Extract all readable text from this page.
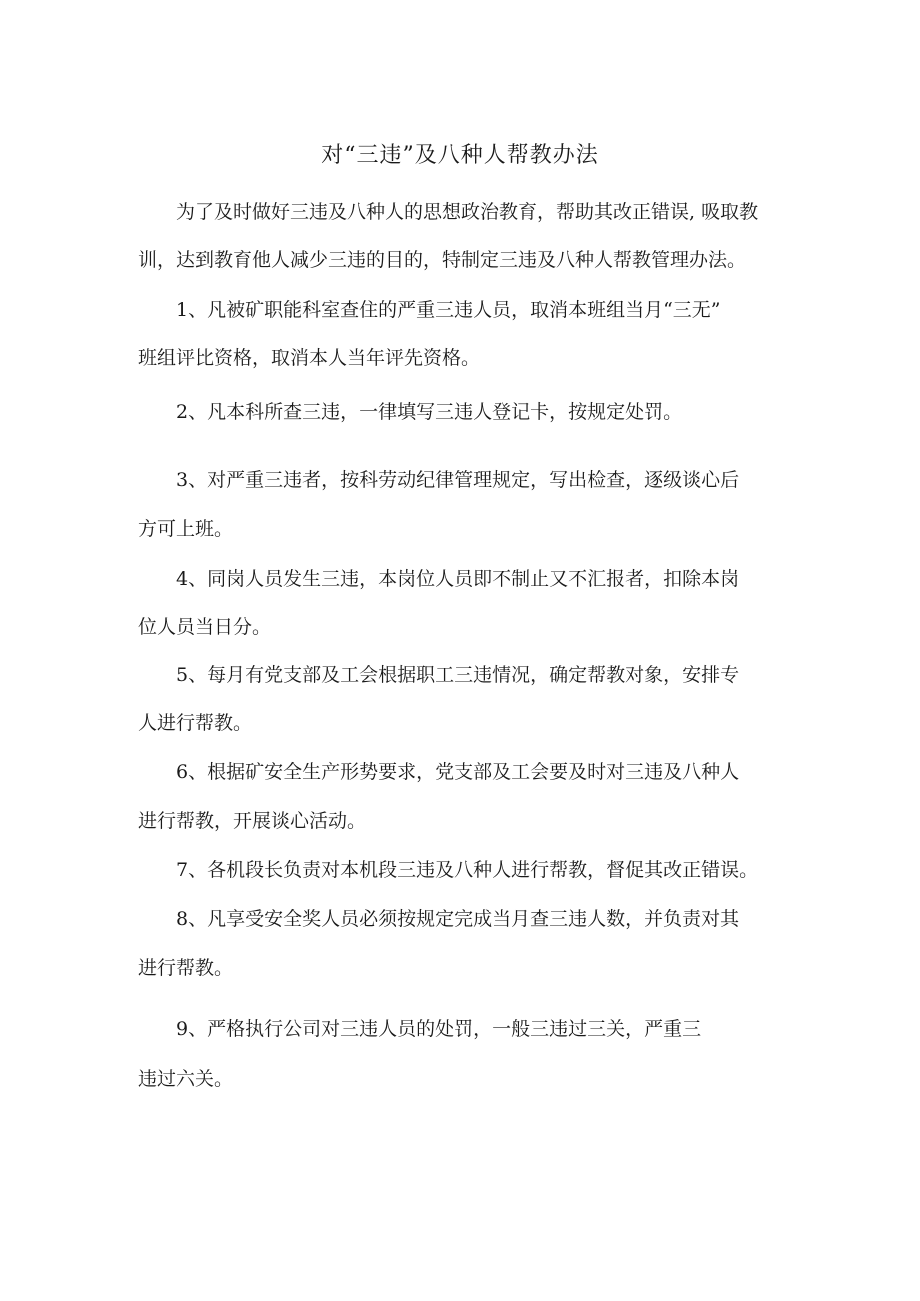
对“三违”及八种人帮教办法
为了及时做好三违及八种人的思想政治教育，帮助其改正错误, 吸取教
训，达到教育他人减少三违的目的，特制定三违及八种人帮教管理办法。
1、凡被矿职能科室查住的严重三违人员，取消本班组当月“三无”
班组评比资格，取消本人当年评先资格。
2、凡本科所查三违，一律填写三违人登记卡，按规定处罚。
3、对严重三违者，按科劳动纪律管理规定，写出检查，逐级谈心后
方可上班。
4、同岗人员发生三违，本岗位人员即不制止又不汇报者，扣除本岗
位人员当日分。
5、每月有党支部及工会根据职工三违情况，确定帮教对象，安排专
人进行帮教。
6、根据矿安全生产形势要求，党支部及工会要及时对三违及八种人
进行帮教，开展谈心活动。
7、各机段长负责对本机段三违及八种人进行帮教，督促其改正错误。
8、凡享受安全奖人员必须按规定完成当月查三违人数，并负责对其
进行帮教。
9、严格执行公司对三违人员的处罚，一般三违过三关，严重三
违过六关。
